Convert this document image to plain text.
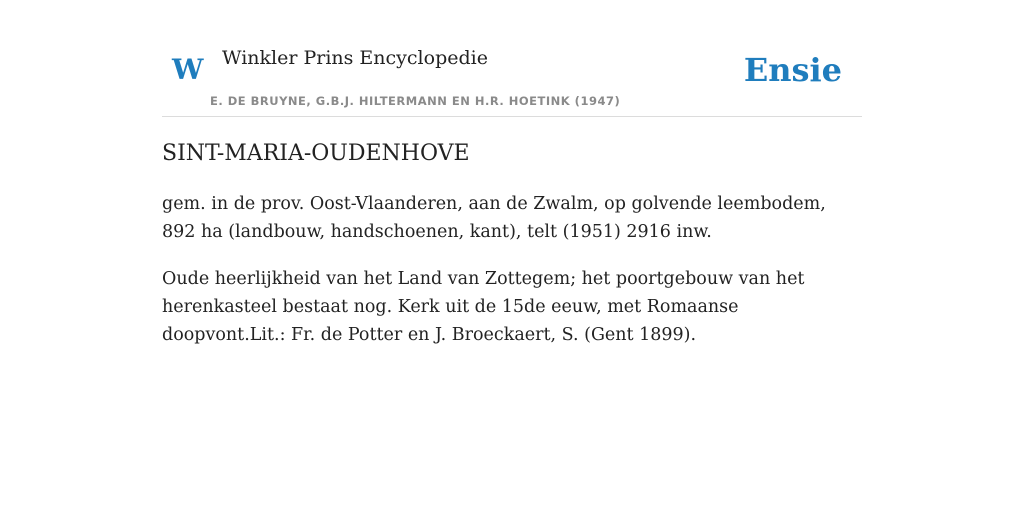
W Winkler Prins Encyclopedie
E. DE BRUYNE, G.B.J. HILTERMANN EN H.R. HOETINK (1947)
Ensie
SINT-MARIA-OUDENHOVE

gem. in de prov. Oost-Vlaanderen, aan de Zwalm, op golvende leembodem, 892 ha (landbouw, handschoenen, kant), telt (1951) 2916 inw.

Oude heerlijkheid van het Land van Zottegem; het poortgebouw van het herenkasteel bestaat nog. Kerk uit de 15de eeuw, met Romaanse doopvont.Lit.: Fr. de Potter en J. Broeckaert, S. (Gent 1899).
